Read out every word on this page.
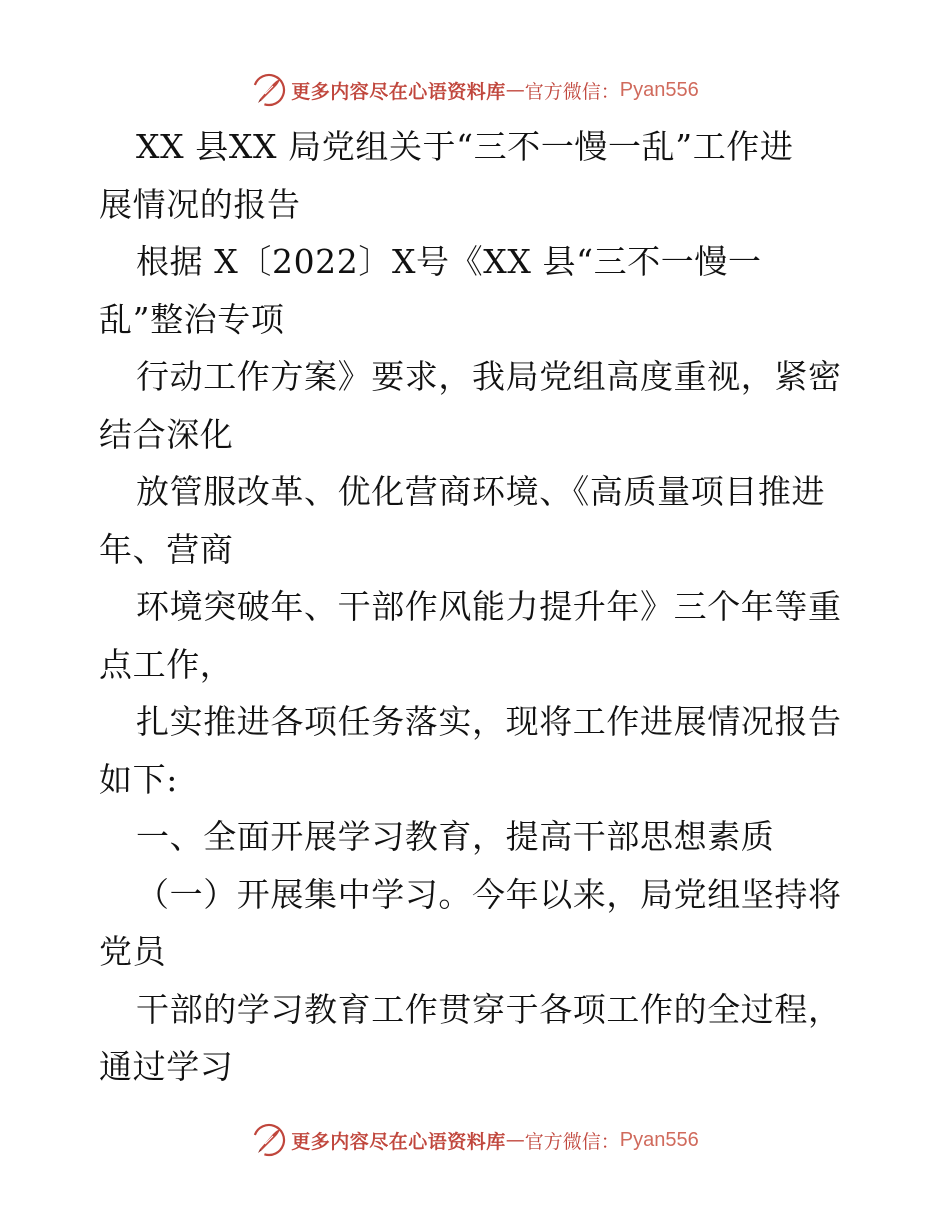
更多内容尽在心语资料库 — 官方微信： Pyan556
XX 县XX 局党组关于“三不一慢一乱”工作进
展情况的报告
根据 X〔2022〕X号《XX 县“三不一慢一
乱”整治专项
行动工作方案》要求，我局党组高度重视，紧密
结合深化
放管服改革、优化营商环境、《高质量项目推进
年、营商
环境突破年、干部作风能力提升年》三个年等重
点工作，
扎实推进各项任务落实，现将工作进展情况报告
如下:
一、全面开展学习教育，提高干部思想素质
（一）开展集中学习。今年以来，局党组坚持将
党员
干部的学习教育工作贯穿于各项工作的全过程，
通过学习
更多内容尽在心语资料库 — 官方微信： Pyan556
